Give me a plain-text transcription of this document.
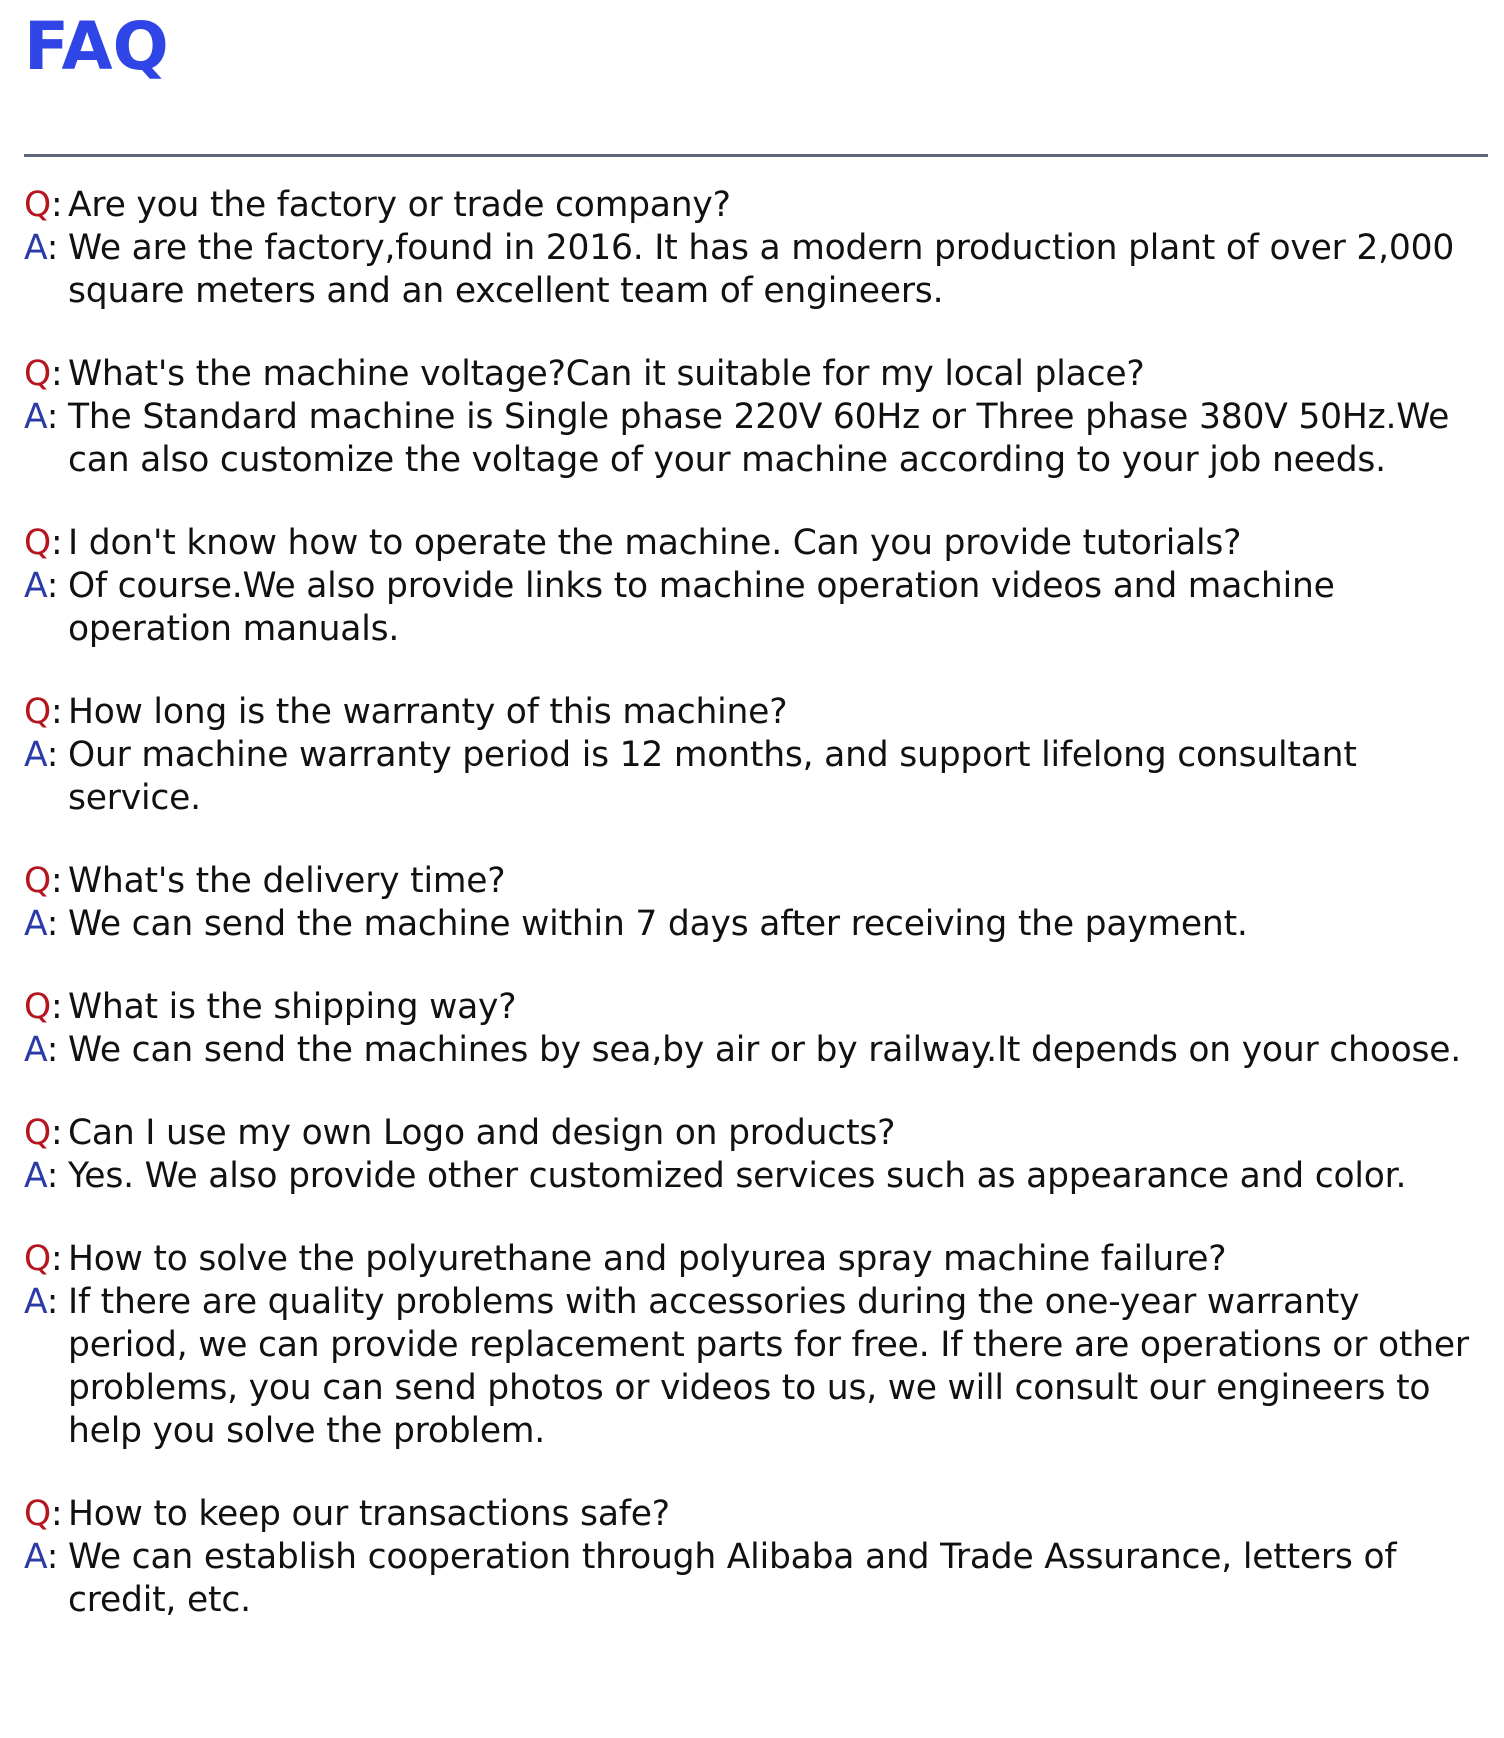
FAQ
Q: Are you the factory or trade company?
A: We are the factory,found in 2016. It has a modern production plant of over 2,000 square meters and an excellent team of engineers.
Q: What's the machine voltage?Can it suitable for my local place?
A: The Standard machine is Single phase 220V 60Hz or Three phase 380V 50Hz.We can also customize the voltage of your machine according to your job needs.
Q: I don't know how to operate the machine. Can you provide tutorials?
A: Of course.We also provide links to machine operation videos and machine operation manuals.
Q: How long is the warranty of this machine?
A: Our machine warranty period is 12 months, and support lifelong consultant service.
Q: What's the delivery time?
A: We can send the machine within 7 days after receiving the payment.
Q: What is the shipping way?
A: We can send the machines by sea,by air or by railway.It depends on your choose.
Q: Can I use my own Logo and design on products?
A: Yes. We also provide other customized services such as appearance and color.
Q: How to solve the polyurethane and polyurea spray machine failure?
A: If there are quality problems with accessories during the one-year warranty period, we can provide replacement parts for free. If there are operations or other problems, you can send photos or videos to us, we will consult our engineers to help you solve the problem.
Q: How to keep our transactions safe?
A: We can establish cooperation through Alibaba and Trade Assurance, letters of credit, etc.
